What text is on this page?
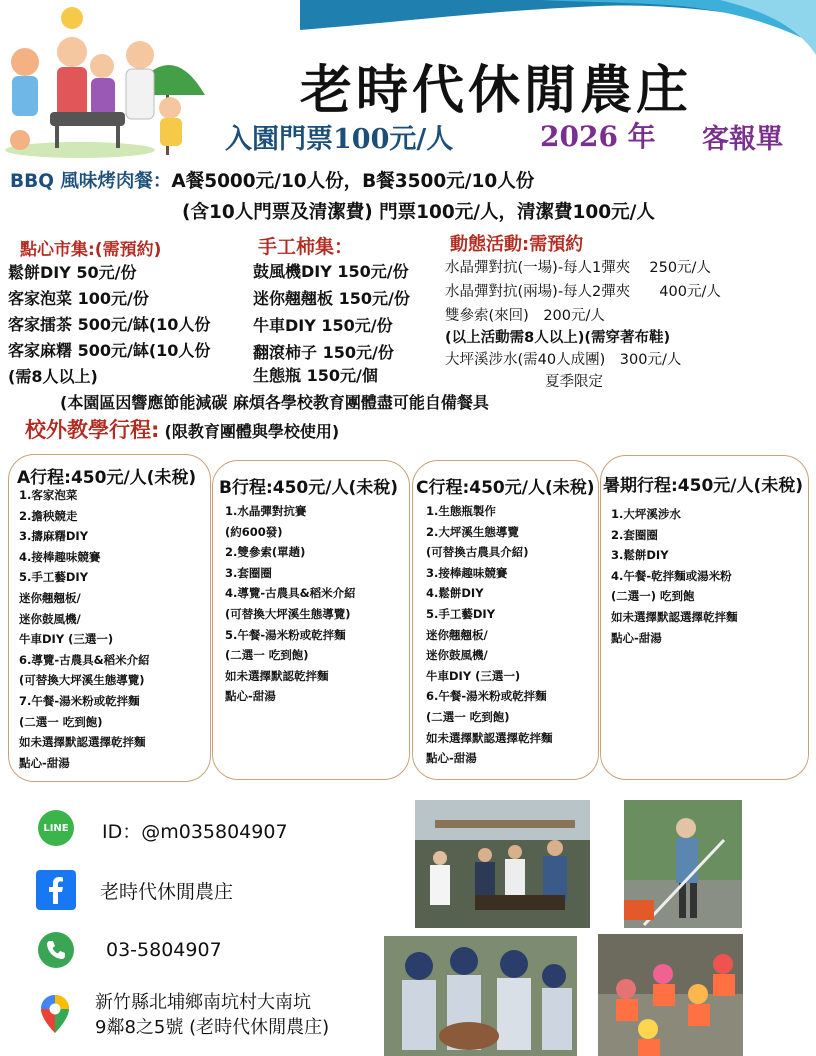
老時代休閒農庄
入園門票100元/人	2026 年 客報單
BBQ 風味烤肉餐：A餐5000元/10人份，B餐3500元/10人份
(含10人門票及清潔費) 門票100元/人，清潔費100元/人
點心市集:(需預約)
鬆餅DIY 50元/份
客家泡菜 100元/份
客家擂茶 500元/缽(10人份
客家麻糬 500元/缽(10人份
(需8人以上)
手工柿集：
鼓風機DIY 150元/份
迷你翹翹板 150元/份
牛車DIY 150元/份
翻滾柿子 150元/份
生態瓶 150元/個
動態活動:需預約
水晶彈對抗(一場)-每人1彈夾　 250元/人
水晶彈對抗(兩場)-每人2彈夾　　400元/人
雙參索(來回)　200元/人
(以上活動需8人以上)(需穿著布鞋)
大坪溪涉水(需40人成團)　300元/人
夏季限定
(本園區因響應節能減碳 麻煩各學校教育團體盡可能自備餐具
校外教學行程: (限教育團體與學校使用)
A行程:450元/人(未稅)
1.客家泡菜
2.擔秧競走
3.擣麻糬DIY
4.接棒趣味競賽
5.手工藝DIY
迷你翹翹板/
迷你鼓風機/
牛車DIY (三選一)
6.導覽-古農具&稻米介紹
(可替換大坪溪生態導覽)
7.午餐-湯米粉或乾拌麵
(二選一 吃到飽)
如未選擇默認選擇乾拌麵
點心-甜湯
B行程:450元/人(未稅)
1.水晶彈對抗賽
(約600發)
2.雙參索(單趟)
3.套圈圈
4.導覽-古農具&稻米介紹
(可替換大坪溪生態導覽)
5.午餐-湯米粉或乾拌麵
(二選一 吃到飽)
如未選擇默認乾拌麵
點心-甜湯
C行程:450元/人(未稅)
1.生態瓶製作
2.大坪溪生態導覽
(可替換古農具介紹)
3.接棒趣味競賽
4.鬆餅DIY
5.手工藝DIY
迷你翹翹板/
迷你鼓風機/
牛車DIY (三選一)
6.午餐-湯米粉或乾拌麵
(二選一 吃到飽)
如未選擇默認選擇乾拌麵
點心-甜湯
暑期行程:450元/人(未稅)
1.大坪溪涉水
2.套圈圈
3.鬆餅DIY
4.午餐-乾拌麵或湯米粉
(二選一) 吃到飽
如未選擇默認選擇乾拌麵
點心-甜湯
LINE ID：@m035804907
老時代休閒農庄
03-5804907
新竹縣北埔鄉南坑村大南坑
9鄰8之5號 (老時代休閒農庄)
